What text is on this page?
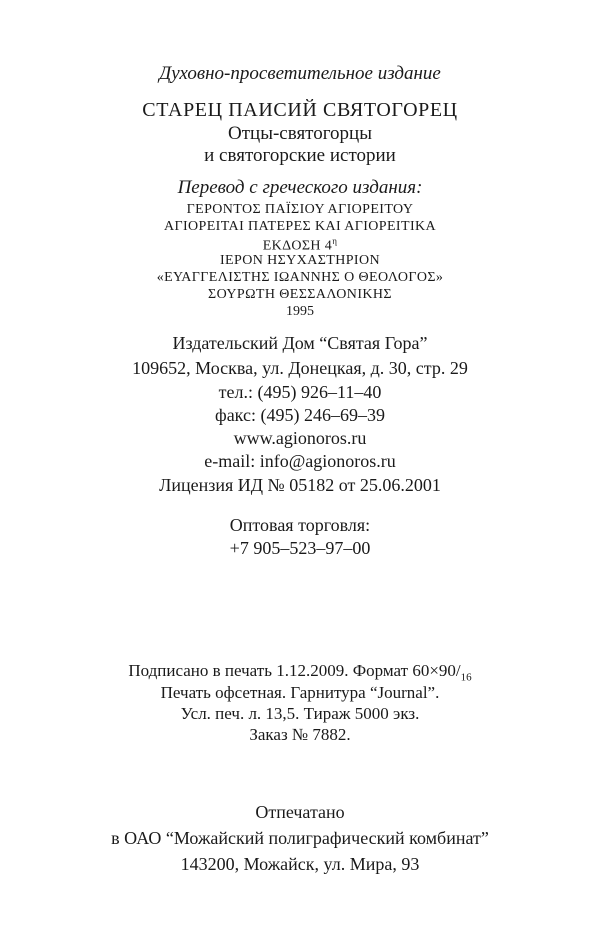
Духовно-просветительное издание
СТАРЕЦ ПАИСИЙ СВЯТОГОРЕЦ
Отцы-святогорцы
и святогорские истории
Перевод с греческого издания:
ΓΕΡΟΝΤΟΣ ΠΑΪΣΙΟΥ ΑΓΙΟΡΕΙΤΟΥ
ΑΓΙΟΡΕΙΤΑΙ ΠΑΤΕΡΕΣ ΚΑΙ ΑΓΙΟΡΕΙΤΙΚΑ
ΕΚΔΟΣΗ $4^\eta$
ΙΕΡΟΝ ΗΣΥΧΑΣΤΗΡΙΟΝ
«ΕΥΑΓΓΕΛΙΣΤΗΣ ΙΩΑΝΝΗΣ Ο ΘΕΟΛΟΓΟΣ»
ΣΟΥΡΩΤΗ ΘΕΣΣΑΛΟΝΙΚΗΣ
1995
Издательский Дом “Святая Гора”
109652, Москва, ул. Донецкая, д. 30, стр. 29
тел.: (495) 926–11–40
факс: (495) 246–69–39
www.agionoros.ru
e-mail: info@agionoros.ru
Лицензия ИД № 05182 от 25.06.2001
Оптовая торговля:
+7 905–523–97–00
Подписано в печать 1.12.2009. Формат $60\times 90/_{16}$
Печать офсетная. Гарнитура “Journal”.
Усл. печ. л. 13,5. Тираж 5000 экз.
Заказ № 7882.
Отпечатано
в ОАО “Можайский полиграфический комбинат”
143200, Можайск, ул. Мира, 93
